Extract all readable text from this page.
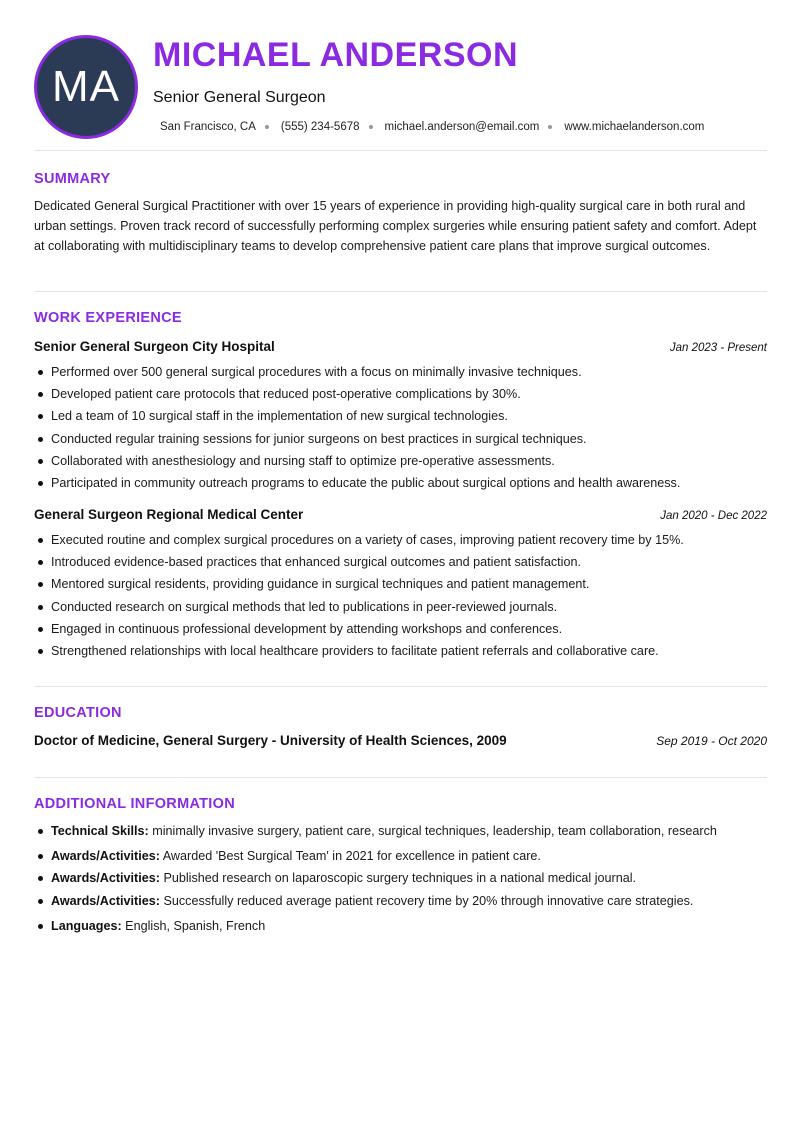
MA
MICHAEL ANDERSON
Senior General Surgeon
San Francisco, CA (555) 234-5678 michael.anderson@email.com www.michaelanderson.com
SUMMARY
Dedicated General Surgical Practitioner with over 15 years of experience in providing high-quality surgical care in both rural and urban settings. Proven track record of successfully performing complex surgeries while ensuring patient safety and comfort. Adept at collaborating with multidisciplinary teams to develop comprehensive patient care plans that improve surgical outcomes.
WORK EXPERIENCE
Senior General Surgeon City Hospital	Jan 2023 - Present
Performed over 500 general surgical procedures with a focus on minimally invasive techniques.
Developed patient care protocols that reduced post-operative complications by 30%.
Led a team of 10 surgical staff in the implementation of new surgical technologies.
Conducted regular training sessions for junior surgeons on best practices in surgical techniques.
Collaborated with anesthesiology and nursing staff to optimize pre-operative assessments.
Participated in community outreach programs to educate the public about surgical options and health awareness.
General Surgeon Regional Medical Center	Jan 2020 - Dec 2022
Executed routine and complex surgical procedures on a variety of cases, improving patient recovery time by 15%.
Introduced evidence-based practices that enhanced surgical outcomes and patient satisfaction.
Mentored surgical residents, providing guidance in surgical techniques and patient management.
Conducted research on surgical methods that led to publications in peer-reviewed journals.
Engaged in continuous professional development by attending workshops and conferences.
Strengthened relationships with local healthcare providers to facilitate patient referrals and collaborative care.
EDUCATION
Doctor of Medicine, General Surgery - University of Health Sciences, 2009	Sep 2019 - Oct 2020
ADDITIONAL INFORMATION
Technical Skills: minimally invasive surgery, patient care, surgical techniques, leadership, team collaboration, research
Awards/Activities: Awarded 'Best Surgical Team' in 2021 for excellence in patient care.
Awards/Activities: Published research on laparoscopic surgery techniques in a national medical journal.
Awards/Activities: Successfully reduced average patient recovery time by 20% through innovative care strategies.
Languages: English, Spanish, French
